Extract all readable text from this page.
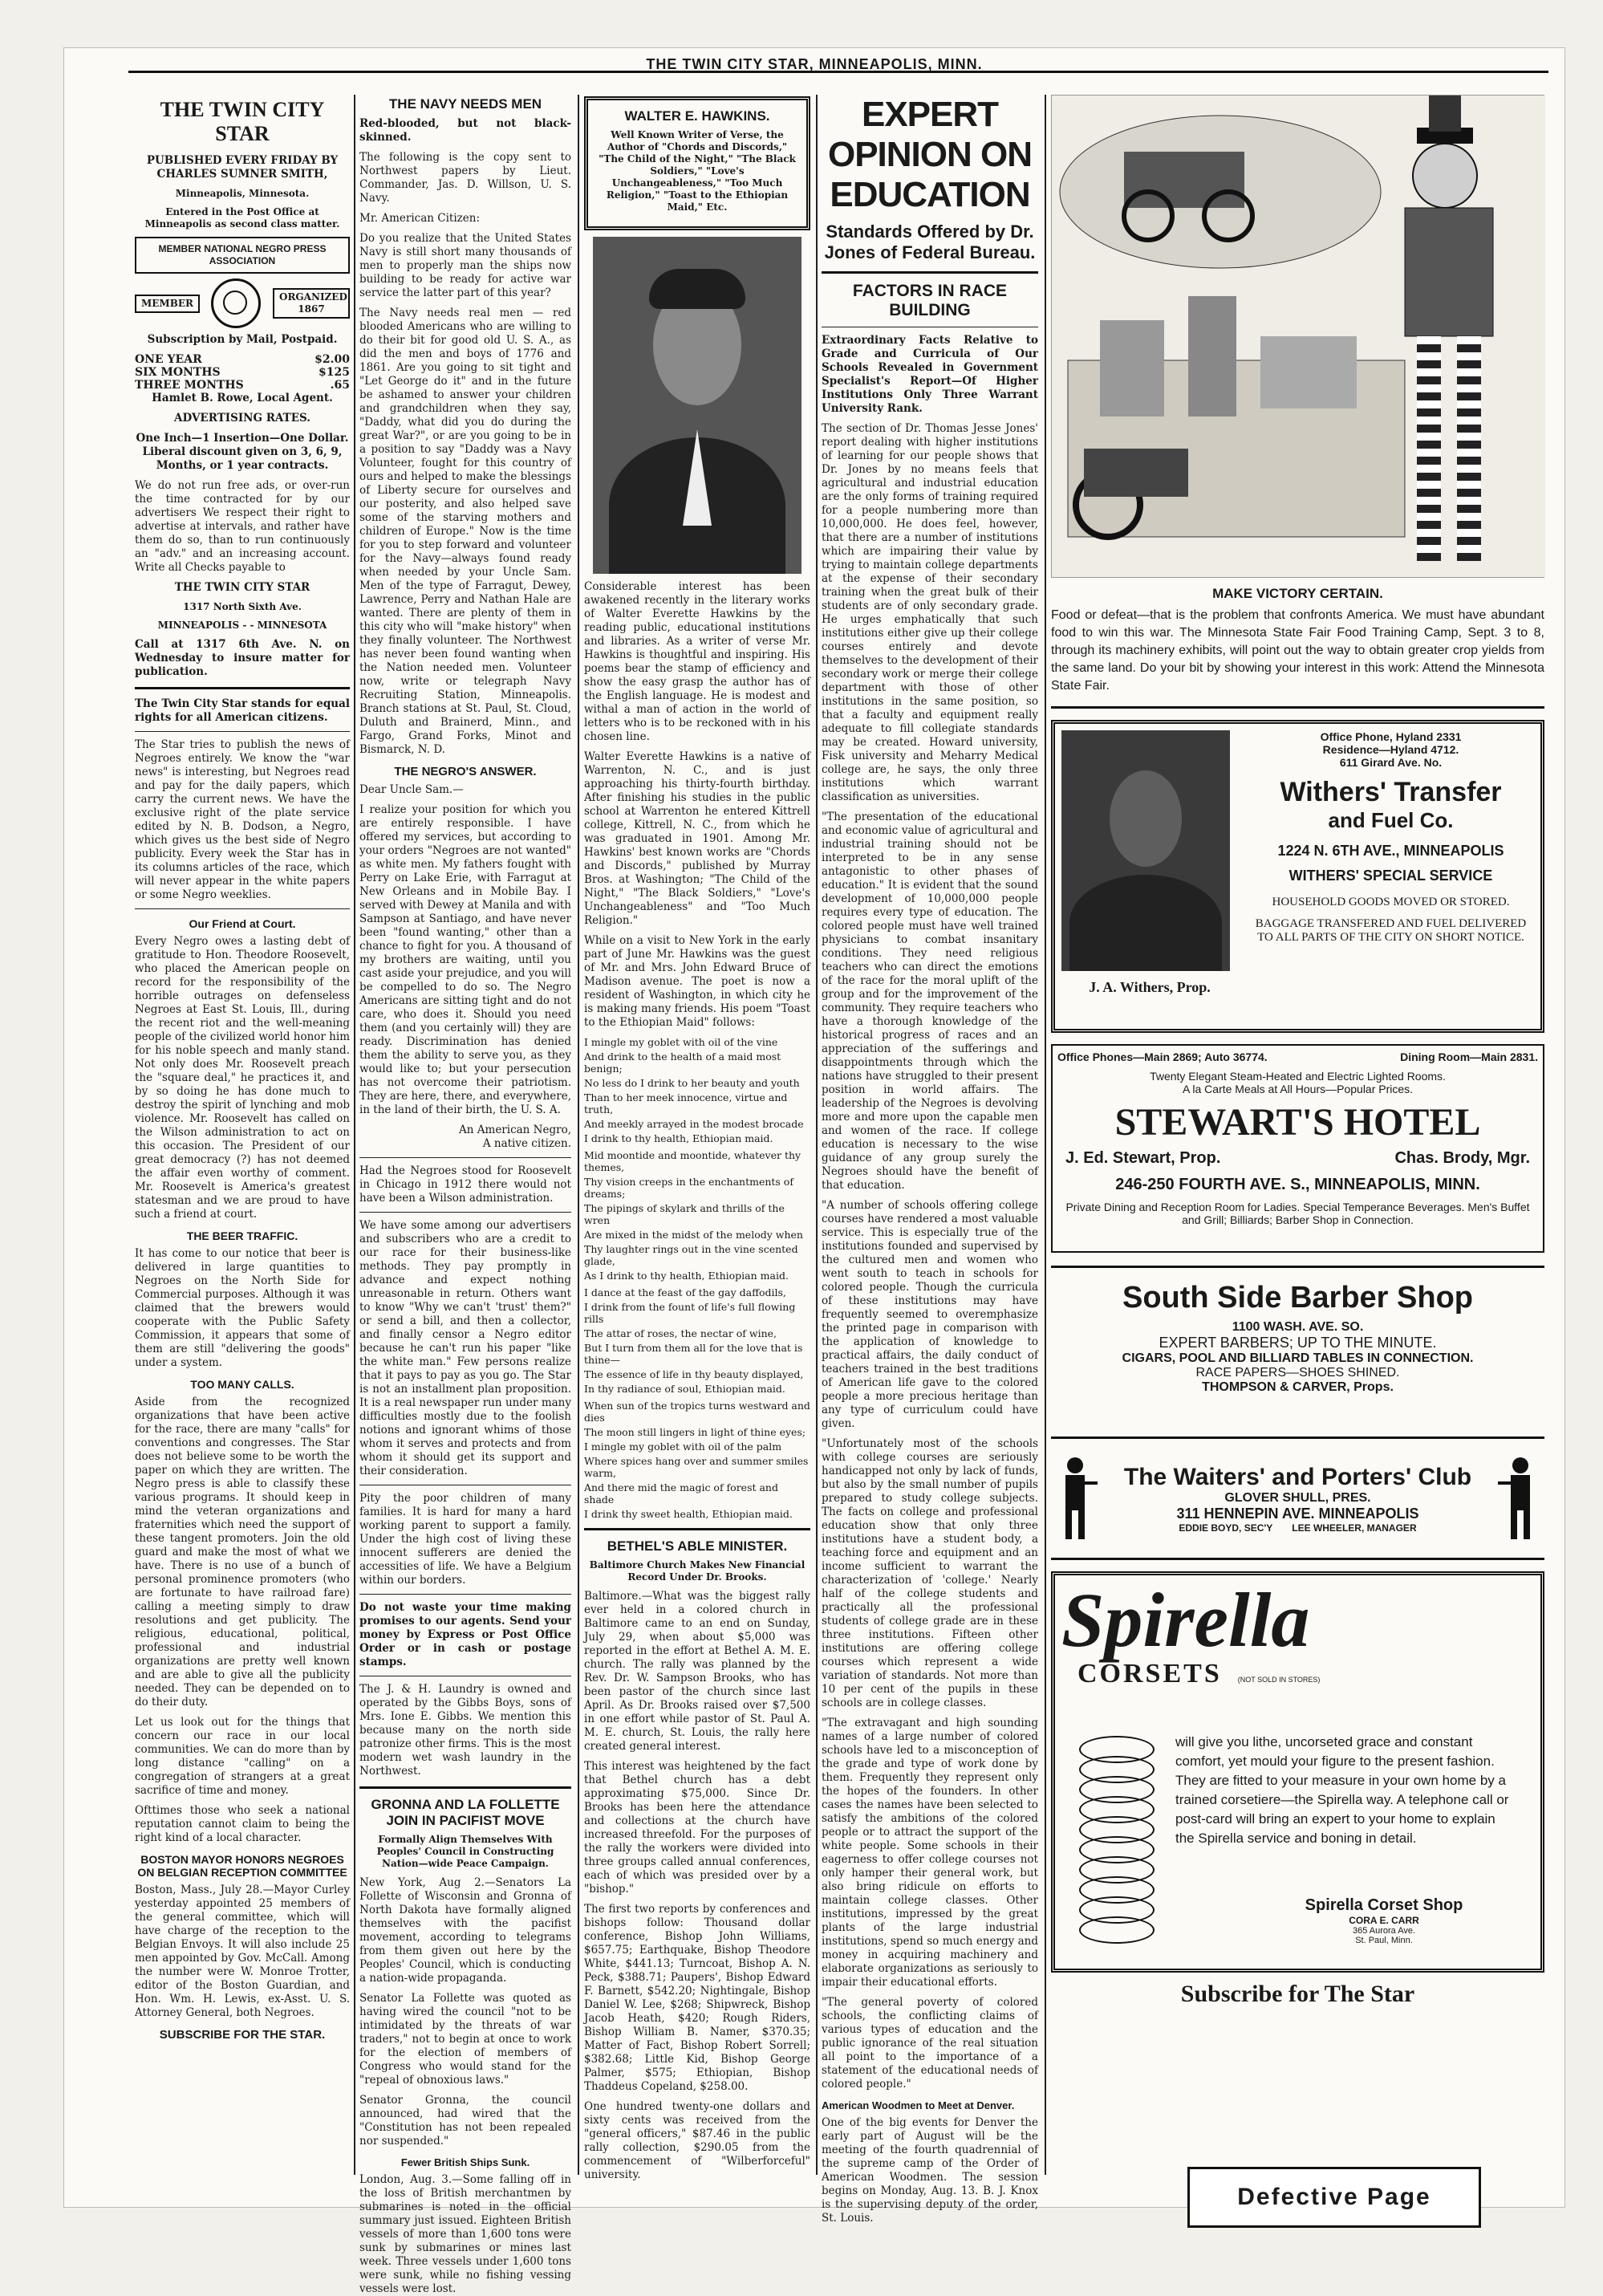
THE TWIN CITY STAR, MINNEAPOLIS, MINN.
THE TWIN CITY STAR

PUBLISHED EVERY FRIDAY BY CHARLES SUMNER SMITH,

Minneapolis, Minnesota.

Entered in the Post Office at Minneapolis as second class matter.

MEMBER NATIONAL NEGRO PRESS ASSOCIATION
MEMBER
ORGANIZED 1867

Subscription by Mail, Postpaid.

ONE YEAR	$2.00
SIX MONTHS	$125
THREE MONTHS	.65

Hamlet B. Rowe, Local Agent.

ADVERTISING RATES.

One Inch—1 Insertion—One Dollar. Liberal discount given on 3, 6, 9, Months, or 1 year contracts.

We do not run free ads, or over-run the time contracted for by our advertisers We respect their right to advertise at intervals, and rather have them do so, than to run continuously an "adv." and an increasing account. Write all Checks payable to

THE TWIN CITY STAR

1317 North Sixth Ave.

MINNEAPOLIS - - MINNESOTA

Call at 1317 6th Ave. N. on Wednesday to insure matter for publication.

The Twin City Star stands for equal rights for all American citizens.

The Star tries to publish the news of Negroes entirely. We know the "war news" is interesting, but Negroes read and pay for the daily papers, which carry the current news. We have the exclusive right of the plate service edited by N. B. Dodson, a Negro, which gives us the best side of Negro publicity. Every week the Star has in its columns articles of the race, which will never appear in the white papers or some Negro weeklies.

Our Friend at Court.

Every Negro owes a lasting debt of gratitude to Hon. Theodore Roosevelt, who placed the American people on record for the responsibility of the horrible outrages on defenseless Negroes at East St. Louis, Ill., during the recent riot and the well-meaning people of the civilized world honor him for his noble speech and manly stand. Not only does Mr. Roosevelt preach the "square deal," he practices it, and by so doing he has done much to destroy the spirit of lynching and mob violence. Mr. Roosevelt has called on the Wilson administration to act on this occasion. The President of our great democracy (?) has not deemed the affair even worthy of comment. Mr. Roosevelt is America's greatest statesman and we are proud to have such a friend at court.

THE BEER TRAFFIC.

It has come to our notice that beer is delivered in large quantities to Negroes on the North Side for Commercial purposes. Although it was claimed that the brewers would cooperate with the Public Safety Commission, it appears that some of them are still "delivering the goods" under a system.

TOO MANY CALLS.

Aside from the recognized organizations that have been active for the race, there are many "calls" for conventions and congresses. The Star does not believe some to be worth the paper on which they are written. The Negro press is able to classify these various programs. It should keep in mind the veteran organizations and fraternities which need the support of these tangent promoters. Join the old guard and make the most of what we have. There is no use of a bunch of personal prominence promoters (who are fortunate to have railroad fare) calling a meeting simply to draw resolutions and get publicity. The religious, educational, political, professional and industrial organizations are pretty well known and are able to give all the publicity needed. They can be depended on to do their duty.

Let us look out for the things that concern our race in our local communities. We can do more than by long distance "calling" on a congregation of strangers at a great sacrifice of time and money.

Ofttimes those who seek a national reputation cannot claim to being the right kind of a local character.

BOSTON MAYOR HONORS NEGROES ON BELGIAN RECEPTION COMMITTEE

Boston, Mass., July 28.—Mayor Curley yesterday appointed 25 members of the general committee, which will have charge of the reception to the Belgian Envoys. It will also include 25 men appointed by Gov. McCall. Among the number were W. Monroe Trotter, editor of the Boston Guardian, and Hon. Wm. H. Lewis, ex-Asst. U. S. Attorney General, both Negroes.

SUBSCRIBE FOR THE STAR.
THE NAVY NEEDS MEN

Red-blooded, but not black-skinned.

The following is the copy sent to Northwest papers by Lieut. Commander, Jas. D. Willson, U. S. Navy.

Mr. American Citizen:

Do you realize that the United States Navy is still short many thousands of men to properly man the ships now building to be ready for active war service the latter part of this year?

The Navy needs real men — red blooded Americans who are willing to do their bit for good old U. S. A., as did the men and boys of 1776 and 1861. Are you going to sit tight and "Let George do it" and in the future be ashamed to answer your children and grandchildren when they say, "Daddy, what did you do during the great War?", or are you going to be in a position to say "Daddy was a Navy Volunteer, fought for this country of ours and helped to make the blessings of Liberty secure for ourselves and our posterity, and also helped save some of the starving mothers and children of Europe." Now is the time for you to step forward and volunteer for the Navy—always found ready when needed by your Uncle Sam. Men of the type of Farragut, Dewey, Lawrence, Perry and Nathan Hale are wanted. There are plenty of them in this city who will "make history" when they finally volunteer. The Northwest has never been found wanting when the Nation needed men. Volunteer now, write or telegraph Navy Recruiting Station, Minneapolis. Branch stations at St. Paul, St. Cloud, Duluth and Brainerd, Minn., and Fargo, Grand Forks, Minot and Bismarck, N. D.

THE NEGRO'S ANSWER.

Dear Uncle Sam.—

I realize your position for which you are entirely responsible. I have offered my services, but according to your orders "Negroes are not wanted" as white men. My fathers fought with Perry on Lake Erie, with Farragut at New Orleans and in Mobile Bay. I served with Dewey at Manila and with Sampson at Santiago, and have never been "found wanting," other than a chance to fight for you. A thousand of my brothers are waiting, until you cast aside your prejudice, and you will be compelled to do so. The Negro Americans are sitting tight and do not care, who does it. Should you need them (and you certainly will) they are ready. Discrimination has denied them the ability to serve you, as they would like to; but your persecution has not overcome their patriotism. They are here, there, and everywhere, in the land of their birth, the U. S. A.

An American Negro,

A native citizen.

Had the Negroes stood for Roosevelt in Chicago in 1912 there would not have been a Wilson administration.

We have some among our advertisers and subscribers who are a credit to our race for their business-like methods. They pay promptly in advance and expect nothing unreasonable in return. Others want to know "Why we can't 'trust' them?" or send a bill, and then a collector, and finally censor a Negro editor because he can't run his paper "like the white man." Few persons realize that it pays to pay as you go. The Star is not an installment plan proposition. It is a real newspaper run under many difficulties mostly due to the foolish notions and ignorant whims of those whom it serves and protects and from whom it should get its support and their consideration.

Pity the poor children of many families. It is hard for many a hard working parent to support a family. Under the high cost of living these innocent sufferers are denied the accessities of life. We have a Belgium within our borders.

Do not waste your time making promises to our agents. Send your money by Express or Post Office Order or in cash or postage stamps.

The J. & H. Laundry is owned and operated by the Gibbs Boys, sons of Mrs. Ione E. Gibbs. We mention this because many on the north side patronize other firms. This is the most modern wet wash laundry in the Northwest.

GRONNA AND LA FOLLETTE JOIN IN PACIFIST MOVE

Formally Align Themselves With Peoples' Council in Constructing Nation—wide Peace Campaign.

New York, Aug 2.—Senators La Follette of Wisconsin and Gronna of North Dakota have formally aligned themselves with the pacifist movement, according to telegrams from them given out here by the Peoples' Council, which is conducting a nation-wide propaganda.

Senator La Follette was quoted as having wired the council "not to be intimidated by the threats of war traders," not to begin at once to work for the election of members of Congress who would stand for the "repeal of obnoxious laws."

Senator Gronna, the council announced, had wired that the "Constitution has not been repealed nor suspended."

Fewer British Ships Sunk.

London, Aug. 3.—Some falling off in the loss of British merchantmen by submarines is noted in the official summary just issued. Eighteen British vessels of more than 1,600 tons were sunk by submarines or mines last week. Three vessels under 1,600 tons were sunk, while no fishing vessing vessels were lost.

WALTER E. HAWKINS.

Well Known Writer of Verse, the Author of "Chords and Discords," "The Child of the Night," "The Black Soldiers," "Love's Unchangeableness," "Too Much Religion," "Toast to the Ethiopian Maid," Etc.

Considerable interest has been awakened recently in the literary works of Walter Everette Hawkins by the reading public, educational institutions and libraries. As a writer of verse Mr. Hawkins is thoughtful and inspiring. His poems bear the stamp of efficiency and show the easy grasp the author has of the English language. He is modest and withal a man of action in the world of letters who is to be reckoned with in his chosen line.

Walter Everette Hawkins is a native of Warrenton, N. C., and is just approaching his thirty-fourth birthday. After finishing his studies in the public school at Warrenton he entered Kittrell college, Kittrell, N. C., from which he was graduated in 1901. Among Mr. Hawkins' best known works are "Chords and Discords," published by Murray Bros. at Washington; "The Child of the Night," "The Black Soldiers," "Love's Unchangeableness" and "Too Much Religion."

While on a visit to New York in the early part of June Mr. Hawkins was the guest of Mr. and Mrs. John Edward Bruce of Madison avenue. The poet is now a resident of Washington, in which city he is making many friends. His poem "Toast to the Ethiopian Maid" follows:

I mingle my goblet with oil of the vine

And drink to the health of a maid most benign;

No less do I drink to her beauty and youth

Than to her meek innocence, virtue and truth,

And meekly arrayed in the modest brocade

I drink to thy health, Ethiopian maid.

Mid moontide and moontide, whatever thy themes,

Thy vision creeps in the enchantments of dreams;

The pipings of skylark and thrills of the wren

Are mixed in the midst of the melody when

Thy laughter rings out in the vine scented glade,

As I drink to thy health, Ethiopian maid.

I dance at the feast of the gay daffodils,

I drink from the fount of life's full flowing rills

The attar of roses, the nectar of wine,

But I turn from them all for the love that is thine—

The essence of life in thy beauty displayed,

In thy radiance of soul, Ethiopian maid.

When sun of the tropics turns westward and dies

The moon still lingers in light of thine eyes;

I mingle my goblet with oil of the palm

Where spices hang over and summer smiles warm,

And there mid the magic of forest and shade

I drink thy sweet health, Ethiopian maid.

BETHEL'S ABLE MINISTER.

Baltimore Church Makes New Financial Record Under Dr. Brooks.

Baltimore.—What was the biggest rally ever held in a colored church in Baltimore came to an end on Sunday, July 29, when about $5,000 was reported in the effort at Bethel A. M. E. church. The rally was planned by the Rev. Dr. W. Sampson Brooks, who has been pastor of the church since last April. As Dr. Brooks raised over $7,500 in one effort while pastor of St. Paul A. M. E. church, St. Louis, the rally here created general interest.

This interest was heightened by the fact that Bethel church has a debt approximating $75,000. Since Dr. Brooks has been here the attendance and collections at the church have increased threefold. For the purposes of the rally the workers were divided into three groups called annual conferences, each of which was presided over by a "bishop."

The first two reports by conferences and bishops follow: Thousand dollar conference, Bishop John Williams, $657.75; Earthquake, Bishop Theodore White, $441.13; Turncoat, Bishop A. N. Peck, $388.71; Paupers', Bishop Edward F. Barnett, $542.20; Nightingale, Bishop Daniel W. Lee, $268; Shipwreck, Bishop Jacob Heath, $420; Rough Riders, Bishop William B. Namer, $370.35; Matter of Fact, Bishop Robert Sorrell; $382.68; Little Kid, Bishop George Palmer, $575; Ethiopian, Bishop Thaddeus Copeland, $258.00.

One hundred twenty-one dollars and sixty cents was received from the "general officers," $87.46 in the public rally collection, $290.05 from the commencement of "Wilberforceful" university.

EXPERT OPINION ON EDUCATION
Standards Offered by Dr. Jones of Federal Bureau.
FACTORS IN RACE BUILDING

Extraordinary Facts Relative to Grade and Curricula of Our Schools Revealed in Government Specialist's Report—Of Higher Institutions Only Three Warrant University Rank.

The section of Dr. Thomas Jesse Jones' report dealing with higher institutions of learning for our people shows that Dr. Jones by no means feels that agricultural and industrial education are the only forms of training required for a people numbering more than 10,000,000. He does feel, however, that there are a number of institutions which are impairing their value by trying to maintain college departments at the expense of their secondary training when the great bulk of their students are of only secondary grade. He urges emphatically that such institutions either give up their college courses entirely and devote themselves to the development of their secondary work or merge their college department with those of other institutions in the same position, so that a faculty and equipment really adequate to fill collegiate standards may be created. Howard university, Fisk university and Meharry Medical college are, he says, the only three institutions which warrant classification as universities.

"The presentation of the educational and economic value of agricultural and industrial training should not be interpreted to be in any sense antagonistic to other phases of education." It is evident that the sound development of 10,000,000 people requires every type of education. The colored people must have well trained physicians to combat insanitary conditions. They need religious teachers who can direct the emotions of the race for the moral uplift of the group and for the improvement of the community. They require teachers who have a thorough knowledge of the historical progress of races and an appreciation of the sufferings and disappointments through which the nations have struggled to their present position in world affairs. The leadership of the Negroes is devolving more and more upon the capable men and women of the race. If college education is necessary to the wise guidance of any group surely the Negroes should have the benefit of that education.

"A number of schools offering college courses have rendered a most valuable service. This is especially true of the institutions founded and supervised by the cultured men and women who went south to teach in schools for colored people. Though the curricula of these institutions may have frequently seemed to overemphasize the printed page in comparison with the application of knowledge to practical affairs, the daily conduct of teachers trained in the best traditions of American life gave to the colored people a more precious heritage than any type of curriculum could have given.

"Unfortunately most of the schools with college courses are seriously handicapped not only by lack of funds, but also by the small number of pupils prepared to study college subjects. The facts on college and professional education show that only three institutions have a student body, a teaching force and equipment and an income sufficient to warrant the characterization of 'college.' Nearly half of the college students and practically all the professional students of college grade are in these three institutions. Fifteen other institutions are offering college courses which represent a wide variation of standards. Not more than 10 per cent of the pupils in these schools are in college classes.

"The extravagant and high sounding names of a large number of colored schools have led to a misconception of the grade and type of work done by them. Frequently they represent only the hopes of the founders. In other cases the names have been selected to satisfy the ambitions of the colored people or to attract the support of the white people. Some schools in their eagerness to offer college courses not only hamper their general work, but also bring ridicule on efforts to maintain college classes. Other institutions, impressed by the great plants of the large industrial institutions, spend so much energy and money in acquiring machinery and elaborate organizations as seriously to impair their educational efforts.

"The general poverty of colored schools, the conflicting claims of various types of education and the public ignorance of the real situation all point to the importance of a statement of the educational needs of colored people."

American Woodmen to Meet at Denver.

One of the big events for Denver the early part of August will be the meeting of the fourth quadrennial of the supreme camp of the Order of American Woodmen. The session begins on Monday, Aug. 13. B. J. Knox is the supervising deputy of the order, St. Louis.

MAKE VICTORY CERTAIN.

Food or defeat—that is the problem that confronts America. We must have abundant food to win this war. The Minnesota State Fair Food Training Camp, Sept. 3 to 8, through its machinery exhibits, will point out the way to obtain greater crop yields from the same land. Do your bit by showing your interest in this work: Attend the Minnesota State Fair.

J. A. Withers, Prop.
Office Phone, Hyland 2331
Residence—Hyland 4712.
611 Girard Ave. No.
Withers' Transfer
and Fuel Co.
1224 N. 6TH AVE., MINNEAPOLIS
WITHERS' SPECIAL SERVICE
HOUSEHOLD GOODS MOVED OR STORED.
BAGGAGE TRANSFERED AND FUEL DELIVERED TO ALL PARTS OF THE CITY ON SHORT NOTICE.
Office Phones—Main 2869; Auto 36774.	Dining Room—Main 2831.
Twenty Elegant Steam-Heated and Electric Lighted Rooms.
A la Carte Meals at All Hours—Popular Prices.
STEWART'S HOTEL
J. Ed. Stewart, Prop.	Chas. Brody, Mgr.
246-250 FOURTH AVE. S., MINNEAPOLIS, MINN.
Private Dining and Reception Room for Ladies. Special Temperance Beverages. Men's Buffet and Grill; Billiards; Barber Shop in Connection.
South Side Barber Shop
1100 WASH. AVE. SO.
EXPERT BARBERS; UP TO THE MINUTE.
CIGARS, POOL AND BILLIARD TABLES IN CONNECTION.
RACE PAPERS—SHOES SHINED.
THOMPSON & CARVER, Props.
The Waiters' and Porters' Club
GLOVER SHULL, PRES.
311 HENNEPIN AVE. MINNEAPOLIS
EDDIE BOYD, SEC'Y LEE WHEELER, MANAGER
Spirella
CORSETS (NOT SOLD IN STORES)

will give you lithe, uncorseted grace and constant comfort, yet mould your figure to the present fashion. They are fitted to your measure in your own home by a trained corsetiere—the Spirella way. A telephone call or post-card will bring an expert to your home to explain the Spirella service and boning in detail.

Spirella Corset Shop
CORA E. CARR
365 Aurora Ave.
St. Paul, Minn.
Subscribe for The Star
Defective Page
